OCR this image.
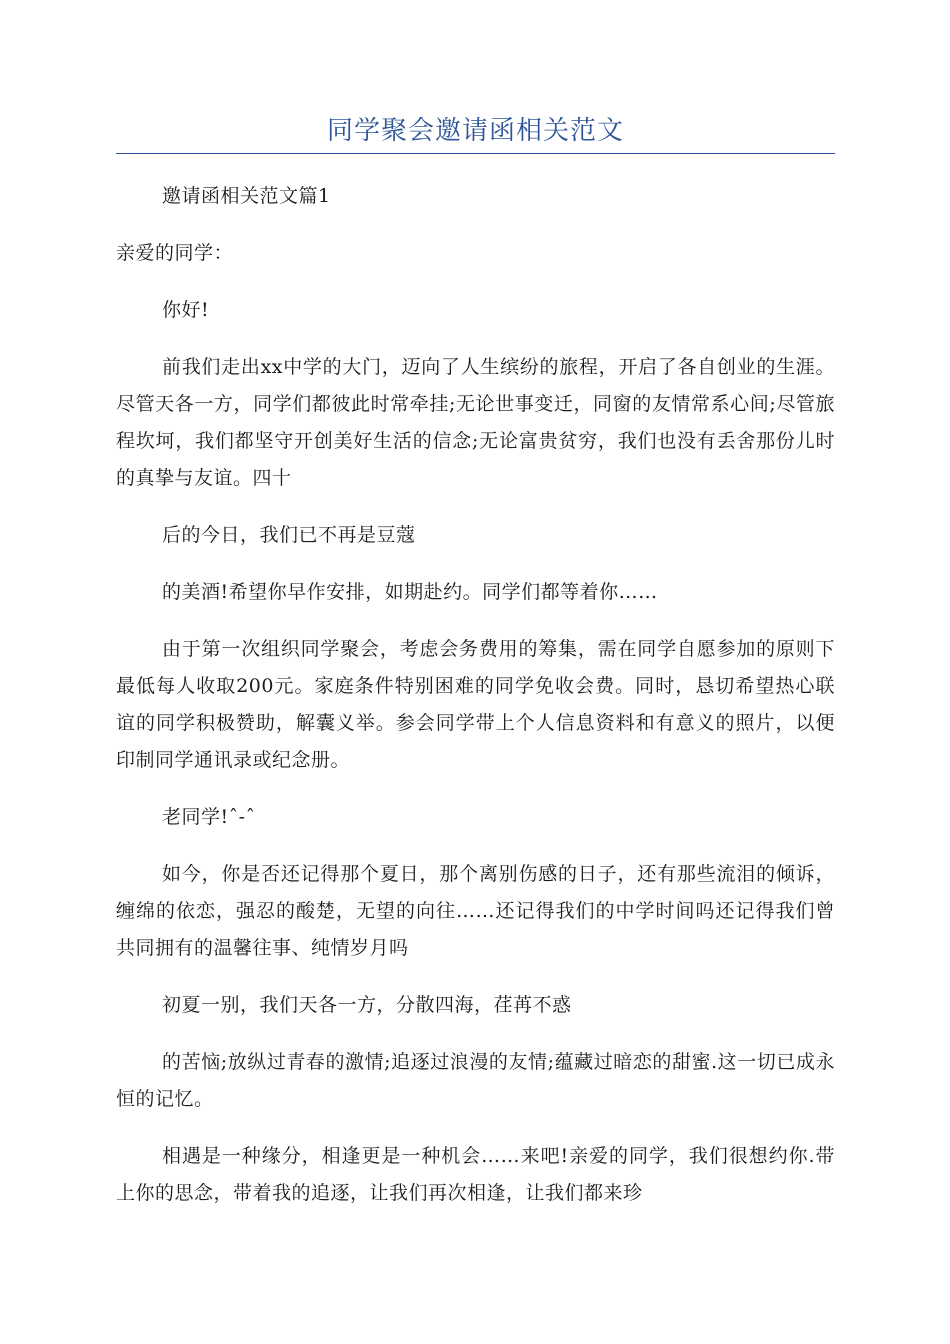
同学聚会邀请函相关范文

邀请函相关范文篇1

亲爱的同学：

你好!

前我们走出xx中学的大门，迈向了人生缤纷的旅程，开启了各自创业的生涯。尽管天各一方，同学们都彼此时常牵挂;无论世事变迁，同窗的友情常系心间;尽管旅程坎坷，我们都坚守开创美好生活的信念;无论富贵贫穷，我们也没有丢舍那份儿时的真挚与友谊。四十

后的今日，我们已不再是豆蔻

的美酒!希望你早作安排，如期赴约。同学们都等着你……

由于第一次组织同学聚会，考虑会务费用的筹集，需在同学自愿参加的原则下最低每人收取200元。家庭条件特别困难的同学免收会费。同时，恳切希望热心联谊的同学积极赞助，解囊义举。参会同学带上个人信息资料和有意义的照片，以便印制同学通讯录或纪念册。

老同学!ˆ-ˆ

如今，你是否还记得那个夏日，那个离别伤感的日子，还有那些流泪的倾诉，缠绵的依恋，强忍的酸楚，无望的向往……还记得我们的中学时间吗还记得我们曾共同拥有的温馨往事、纯情岁月吗

初夏一别，我们天各一方，分散四海，荏苒不惑

的苦恼;放纵过青春的激情;追逐过浪漫的友情;蕴藏过暗恋的甜蜜.这一切已成永恒的记忆。

相遇是一种缘分，相逢更是一种机会……来吧!亲爱的同学，我们很想约你.带上你的思念，带着我的追逐，让我们再次相逢，让我们都来珍
